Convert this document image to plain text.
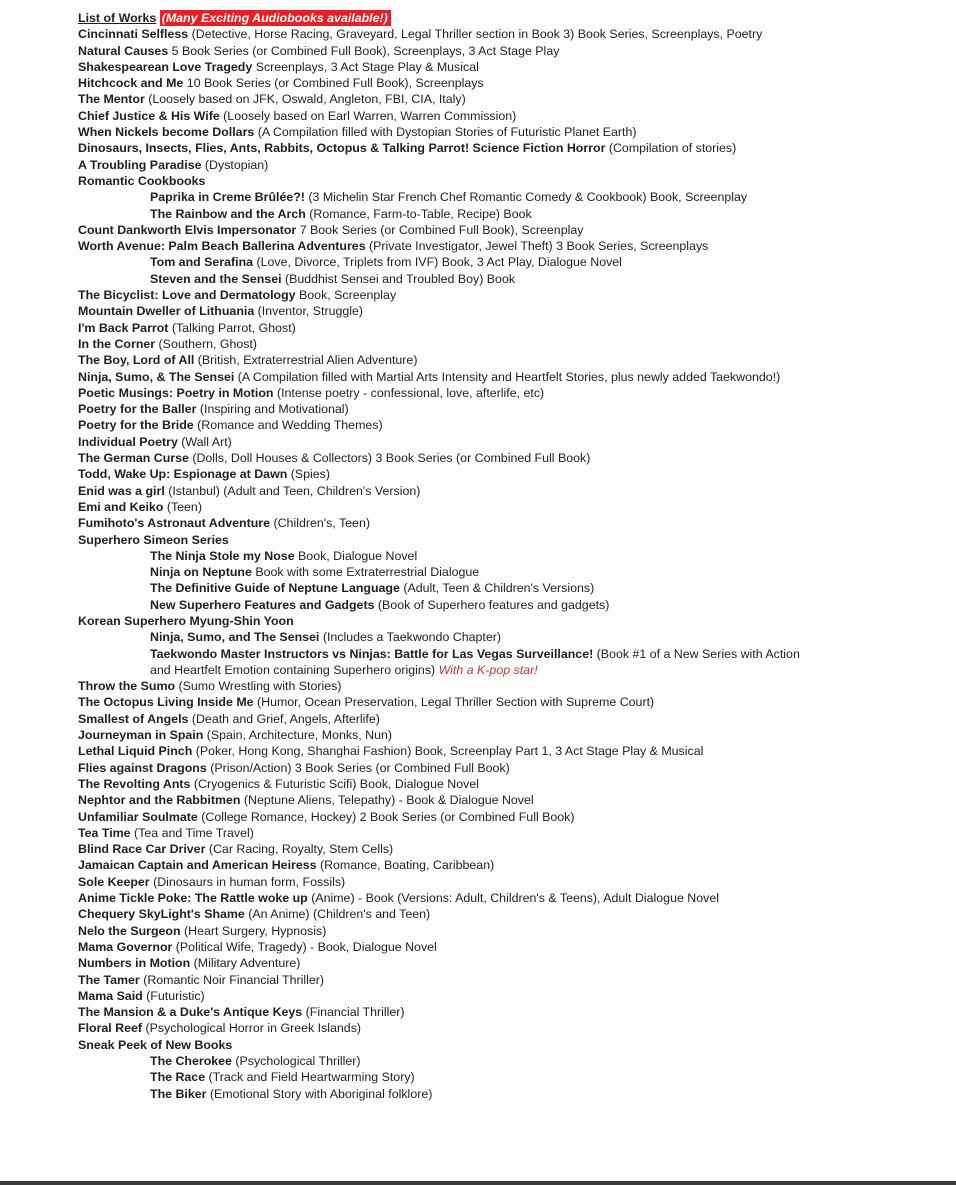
List of Works (Many Exciting Audiobooks available!)
Cincinnati Selfless (Detective, Horse Racing, Graveyard, Legal Thriller section in Book 3) Book Series, Screenplays, Poetry
Natural Causes 5 Book Series (or Combined Full Book), Screenplays, 3 Act Stage Play
Shakespearean Love Tragedy Screenplays, 3 Act Stage Play & Musical
Hitchcock and Me 10 Book Series (or Combined Full Book), Screenplays
The Mentor (Loosely based on JFK, Oswald, Angleton, FBI, CIA, Italy)
Chief Justice & His Wife (Loosely based on Earl Warren, Warren Commission)
When Nickels become Dollars (A Compilation filled with Dystopian Stories of Futuristic Planet Earth)
Dinosaurs, Insects, Flies, Ants, Rabbits, Octopus & Talking Parrot! Science Fiction Horror (Compilation of stories)
A Troubling Paradise (Dystopian)
Romantic Cookbooks
Paprika in Creme Brûlée?! (3 Michelin Star French Chef Romantic Comedy & Cookbook) Book, Screenplay
The Rainbow and the Arch (Romance, Farm-to-Table, Recipe) Book
Count Dankworth Elvis Impersonator 7 Book Series (or Combined Full Book), Screenplay
Worth Avenue: Palm Beach Ballerina Adventures (Private Investigator, Jewel Theft) 3 Book Series, Screenplays
Tom and Serafina (Love, Divorce, Triplets from IVF) Book, 3 Act Play, Dialogue Novel
Steven and the Sensei (Buddhist Sensei and Troubled Boy) Book
The Bicyclist: Love and Dermatology Book, Screenplay
Mountain Dweller of Lithuania (Inventor, Struggle)
I'm Back Parrot (Talking Parrot, Ghost)
In the Corner (Southern, Ghost)
The Boy, Lord of All (British, Extraterrestrial Alien Adventure)
Ninja, Sumo, & The Sensei (A Compilation filled with Martial Arts Intensity and Heartfelt Stories, plus newly added Taekwondo!)
Poetic Musings: Poetry in Motion (Intense poetry - confessional, love, afterlife, etc)
Poetry for the Baller (Inspiring and Motivational)
Poetry for the Bride (Romance and Wedding Themes)
Individual Poetry (Wall Art)
The German Curse (Dolls, Doll Houses & Collectors) 3 Book Series (or Combined Full Book)
Todd, Wake Up: Espionage at Dawn (Spies)
Enid was a girl (Istanbul) (Adult and Teen, Children's Version)
Emi and Keiko (Teen)
Fumihoto's Astronaut Adventure (Children's, Teen)
Superhero Simeon Series
The Ninja Stole my Nose Book, Dialogue Novel
Ninja on Neptune Book with some Extraterrestrial Dialogue
The Definitive Guide of Neptune Language (Adult, Teen & Children's Versions)
New Superhero Features and Gadgets (Book of Superhero features and gadgets)
Korean Superhero Myung-Shin Yoon
Ninja, Sumo, and The Sensei (Includes a Taekwondo Chapter)
Taekwondo Master Instructors vs Ninjas: Battle for Las Vegas Surveillance! (Book #1 of a New Series with Action
and Heartfelt Emotion containing Superhero origins) With a K-pop star!
Throw the Sumo (Sumo Wrestling with Stories)
The Octopus Living Inside Me (Humor, Ocean Preservation, Legal Thriller Section with Supreme Court)
Smallest of Angels (Death and Grief, Angels, Afterlife)
Journeyman in Spain (Spain, Architecture, Monks, Nun)
Lethal Liquid Pinch (Poker, Hong Kong, Shanghai Fashion) Book, Screenplay Part 1, 3 Act Stage Play & Musical
Flies against Dragons (Prison/Action) 3 Book Series (or Combined Full Book)
The Revolting Ants (Cryogenics & Futuristic Scifi) Book, Dialogue Novel
Nephtor and the Rabbitmen (Neptune Aliens, Telepathy) - Book & Dialogue Novel
Unfamiliar Soulmate (College Romance, Hockey) 2 Book Series (or Combined Full Book)
Tea Time (Tea and Time Travel)
Blind Race Car Driver (Car Racing, Royalty, Stem Cells)
Jamaican Captain and American Heiress (Romance, Boating, Caribbean)
Sole Keeper (Dinosaurs in human form, Fossils)
Anime Tickle Poke: The Rattle woke up (Anime) - Book (Versions: Adult, Children's & Teens), Adult Dialogue Novel
Chequery SkyLight's Shame (An Anime) (Children's and Teen)
Nelo the Surgeon (Heart Surgery, Hypnosis)
Mama Governor (Political Wife, Tragedy) - Book, Dialogue Novel
Numbers in Motion (Military Adventure)
The Tamer (Romantic Noir Financial Thriller)
Mama Said (Futuristic)
The Mansion & a Duke's Antique Keys (Financial Thriller)
Floral Reef (Psychological Horror in Greek Islands)
Sneak Peek of New Books
The Cherokee (Psychological Thriller)
The Race (Track and Field Heartwarming Story)
The Biker (Emotional Story with Aboriginal folklore)
